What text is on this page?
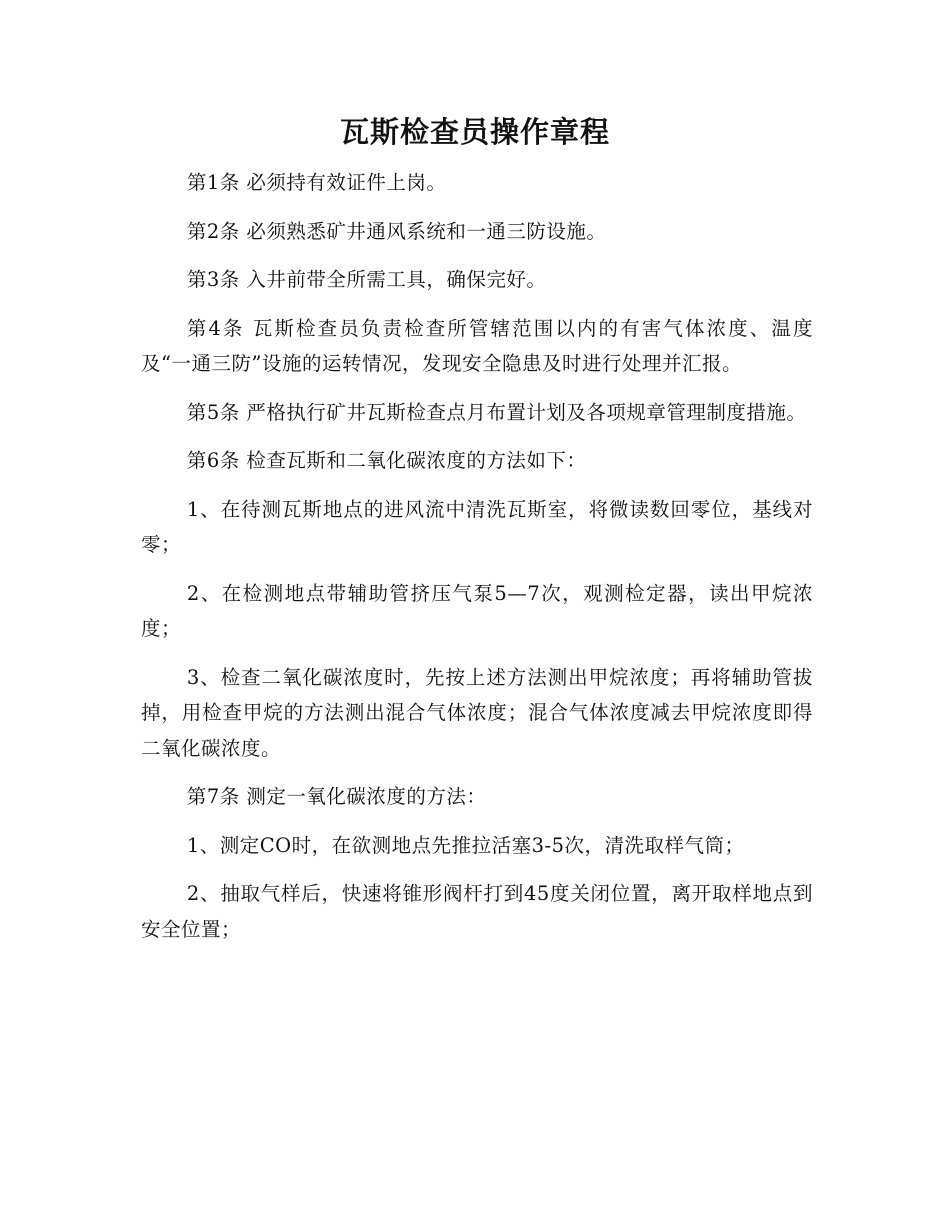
瓦斯检查员操作章程

第1条 必须持有效证件上岗。

第2条 必须熟悉矿井通风系统和一通三防设施。

第3条 入井前带全所需工具，确保完好。

第4条 瓦斯检查员负责检查所管辖范围以内的有害气体浓度、温度及“一通三防”设施的运转情况，发现安全隐患及时进行处理并汇报。

第5条 严格执行矿井瓦斯检查点月布置计划及各项规章管理制度措施。

第6条 检查瓦斯和二氧化碳浓度的方法如下：

1、在待测瓦斯地点的进风流中清洗瓦斯室，将微读数回零位，基线对零；

2、在检测地点带辅助管挤压气泵5—7次，观测检定器，读出甲烷浓度；

3、检查二氧化碳浓度时，先按上述方法测出甲烷浓度；再将辅助管拔掉，用检查甲烷的方法测出混合气体浓度；混合气体浓度减去甲烷浓度即得二氧化碳浓度。

第7条 测定一氧化碳浓度的方法：

1、测定CO时，在欲测地点先推拉活塞3-5次，清洗取样气筒；

2、抽取气样后，快速将锥形阀杆打到45度关闭位置，离开取样地点到安全位置；
